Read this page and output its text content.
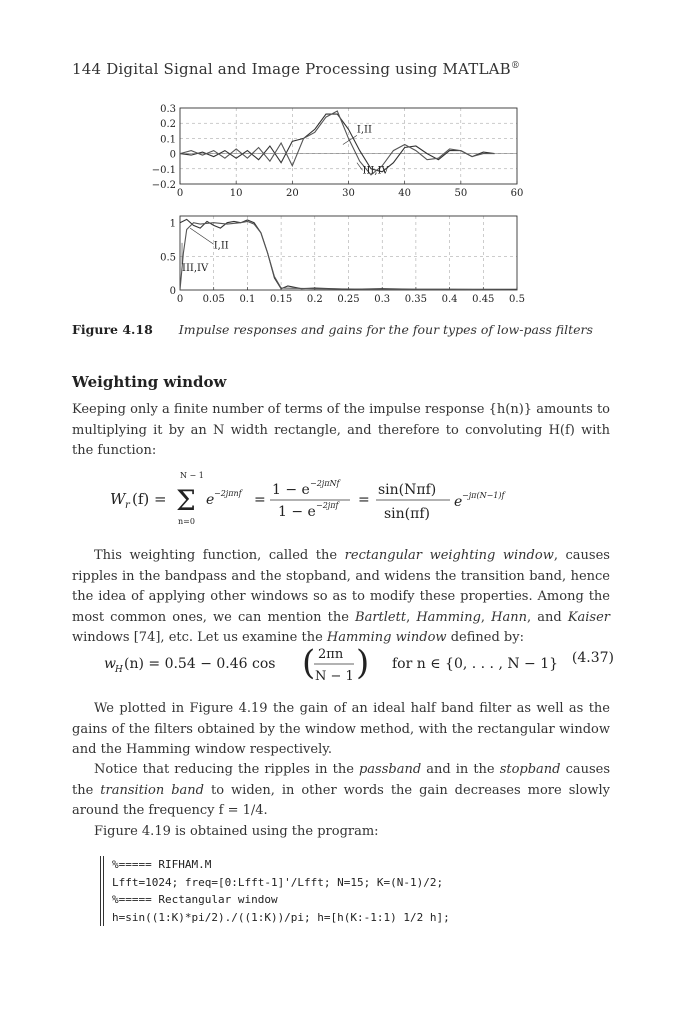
144 Digital Signal and Image Processing using MATLAB®
0	10	20	30	40	50	60
0.3
0.2
0.1
0
−0.1
−0.2
I,II
III,IV
0 0.05 0.1 0.15 0.2 0.25 0.3 0.35 0.4 0.45 0.5
1
0.5
0
I,II
III,IV
Figure 4.18 Impulse responses and gains for the four types of low-pass filters
Weighting window

Keeping only a finite number of terms of the impulse response {h(n)} amounts to multiplying it by an N width rectangle, and therefore to convoluting H(f) with the function:

W r (f) =
N − 1
Σ
n=0
e −2jπnf =
1 − e −2jπNf
1 − e −2jπf =
sin(Nπf)
sin(πf)
e −jπ(N−1)f

This weighting function, called the rectangular weighting window, causes ripples in the bandpass and the stopband, and widens the transition band, hence the idea of applying other windows so as to modify these properties. Among the most common ones, we can mention the Bartlett, Hamming, Hann, and Kaiser windows [74], etc. Let us examine the Hamming window defined by:

w H (n) = 0.54 − 0.46 cos ( 2πn
N − 1 ) for n ∈ {0, . . . , N − 1} (4.37)

We plotted in Figure 4.19 the gain of an ideal half band filter as well as the gains of the filters obtained by the window method, with the rectangular window and the Hamming window respectively.

Notice that reducing the ripples in the passband and in the stopband causes the transition band to widen, in other words the gain decreases more slowly around the frequency f = 1/4.

Figure 4.19 is obtained using the program:

%===== RIFHAM.M
Lfft=1024; freq=[0:Lfft-1]'/Lfft; N=15; K=(N-1)/2;
%===== Rectangular window
h=sin((1:K)*pi/2)./((1:K))/pi; h=[h(K:-1:1) 1/2 h];
